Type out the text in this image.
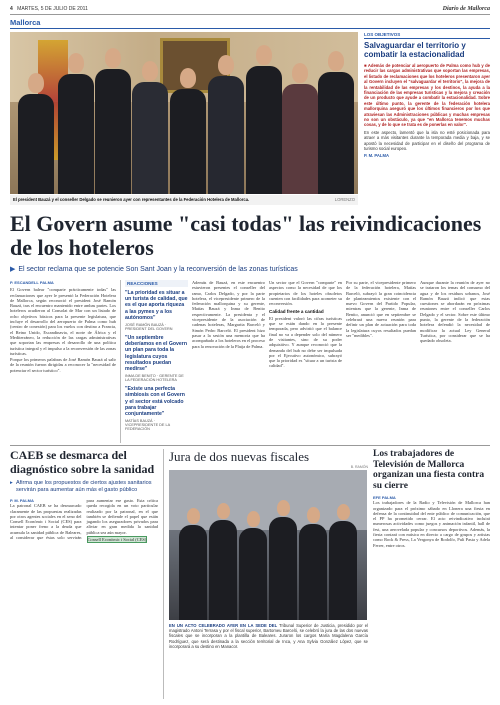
4 MARTES, 5 DE JULIO DE 2011	Diario de Mallorca
Mallorca
El president Bauzá y el conseller Delgado se reunieron ayer con representantes de la Federación Hotelera de Mallorca.	LORENZO
LOS OBJETIVOS
Salvaguardar el territorio y combatir la estacionalidad

■ Además de potenciar al aeropuerto de Palma como hub y de reducir las cargas administrativas que soportan las empresas, el listado de reclamaciones que los hoteleros presentaron ayer al Govern incluyen el "salvaguardar el territorio", la mejora de la rentabilidad de las empresas y los destinos, la ayuda a la financiación de las empresas turísticas y la mejora y creación de un producto que ayude a combatir la estacionalidad. Sobre este último punto, la gerente de la federación hotelera mallorquina aseguró que los últimos financieros por los que atraviesan las Administraciones públicas y muchas empresas no son un obstáculo, ya que "en Mallorca tenemos muchas cosas, y de lo que se trata es de ponerlas en valor".

En este aspecto, lamentó que la isla no esté posicionada para atraer a más visitantes durante la temporada media y baja, y se apostó la necesidad de participar en el diseño del programa de turismo social europeo.

P. M. PALMA

El Govern asume "casi todas" las reivindicaciones de los hoteleros
▶ El sector reclama que se potencie Son Sant Joan y la reconversión de las zonas turísticas
P. ESCANDELL PALMA

El Govern balear "comparte prácticamente todas" las reclamaciones que ayer le presentó la Federación Hotelera de Mallorca, según reconoció el president José Ramón Bauzá, tras el encuentro mantenido entre ambas partes. Los hoteleros acudieron al Consolat de Mar con un listado de ocho objetivos básicos para la presente legislatura, que incluye el desarrollo del aeropuerto de Palma como hub (centro de conexión) para los vuelos con destino a Francia, el Reino Unido, Escandinavia, el norte de África y el Mediterráneo, la reducción de las cargas administrativas que soportan las empresas el desarrollo de una política turística integral y el impulso a la reconversión de las zonas turísticas.

Porque los primeros palabras de José Ramón Bauzá al salir de la reunión fueron dirigidas a reconocer la "necesidad de potenciar el sector turístico".

REACCIONES
"La prioridad es situar a un turista de calidad, que es el que aporta riqueza a las pymes y a los autónomos"
JOSÉ RAMÓN BAUZÁ · PRESIDENT DEL GOVERN
"Un septiembre deberíamos en el Govern un plan para toda la legislatura cuyos resultados puedan medirse"
INMA DE BENITO · GERENTE DE LA FEDERACIÓN HOTELERA
"Existe una perfecta simbiosis con el Govern y el sector está volcado para trabajar conjuntamente"
MATÍAS BAUZÁ · VICEPRESIDENTE DE LA FEDERACIÓN

Además de Bauzá, en este encuentro estuvieron presentes el conseller del ramo, Carlos Delgado, y por la parte hotelera, el vicepresidente primero de la federación mallorquina y su gerente, Matías Bauzá y Inma de Benito respectivamente. La presidenta y el vicepresidente de la asociación de cadenas hoteleras, Margarita Barceló y Simón Pedro Barceló. El president hizo pasar a la sesión una memoria que ha acompañado a los hoteleros en el proceso para la renovación de la Platja de Palma.

Un sector que el Govern "comparte" en aspectos como la necesidad de que los propietarios de los hoteles obsoletos cuenten con facilidades para acometer su reconversión.

Calidad frente a cantidad

El president valoró las cifras turísticas que se están dando en la presente temporada, pero advirtió que el balance final no va a depender solo del número de visitantes, sino de su poder adquisitivo. Y aunque reconoció que la demanda del hub no debe ser impulsada por el Ejecutivo autonómico, subrayó que la prioridad es "situar a un turista de calidad".

Por su parte, el vicepresidente primero de la federación hotelera, Matías Barceló, subrayó la gran coincidencia de planteamientos existente con el nuevo Govern del Partido Popular, mientras que la gerente, Inma de Benito, anunció que en septiembre se celebrará una nueva reunión para definir un plan de actuación para toda la legislatura cuyos resultados puedan ser "medibles".

Aunque durante la reunión de ayer no se trataron los temas del consumo del agua y de los residuos urbanos, José Ramón Bauzá indicó que estas cuestiones se abordarán en próximas reuniones entre el conseller Carlos Delgado y el sector. Sobre este último punto, la gerente de la federación hotelera defendió la necesidad de modificar la actual Ley General Turística, por considerar que se ha quedado obsoleta.

CAEB se desmarca del diagnóstico sobre la sanidad
▸ Afirma que los propuestos de ciertos ajustes sanitarios servirán para aumentar aún más el gasto público
P. M. PALMA

La patronal CAEB se ha desmarcado claramente de las propuestas realizadas por otros agentes sociales en el seno del Consell Econòmic i Social (CES) para intentar poner freno a la deuda que acumula la sanidad pública de Baleares, al considerar que éstas solo servirán para aumentar ese gasto. Esta crítica queda recogida en un voto particular realizado por la patronal, en el que también se defiende el papel que están jugando los aseguradores privados para aliviar en gran medida la sanidad pública sea aún mayor.

Consell Econòmic i Social (CES)

Jura de dos nuevas fiscales
B. RAMÓN
EN UN ACTO CELEBRADO AYER EN LA SEDE DEL Tribunal Superior de Justicia, presidido por el magistrado Antoni Terrasa y por el fiscal superior, Bartomeu Barceló, se celebró la jura de las dos nuevas fiscales que se incorporan a la plantilla de Baleares. Juraron los cargos María Magdalena García Rodríguez, que será destinada a la sección territorial de Inca, y Ana Sylvia González López, que se incorporará a su destino en Manacor.
Los trabajadores de Televisión de Mallorca organizan una fiesta contra su cierre
EFE PALMA

Los trabajadores de la Radio y Televisión de Mallorca han organizado para el próximo sábado en Llonera una fiesta en defensa de la continuidad del ente público de comunicación, que el PP ha prometido cerrar. El acto reivindicativo incluirá numerosas actividades como juegos y animación infantil, hall de fest, una aerovelada popular y concursos deportivos. Además, la fiesta contará con música en directo a cargo de grupos y artistas como Rock & Press, La Vergonya de Rodolfo, Puli Pasta y Adela Ferrer, entre otros.
